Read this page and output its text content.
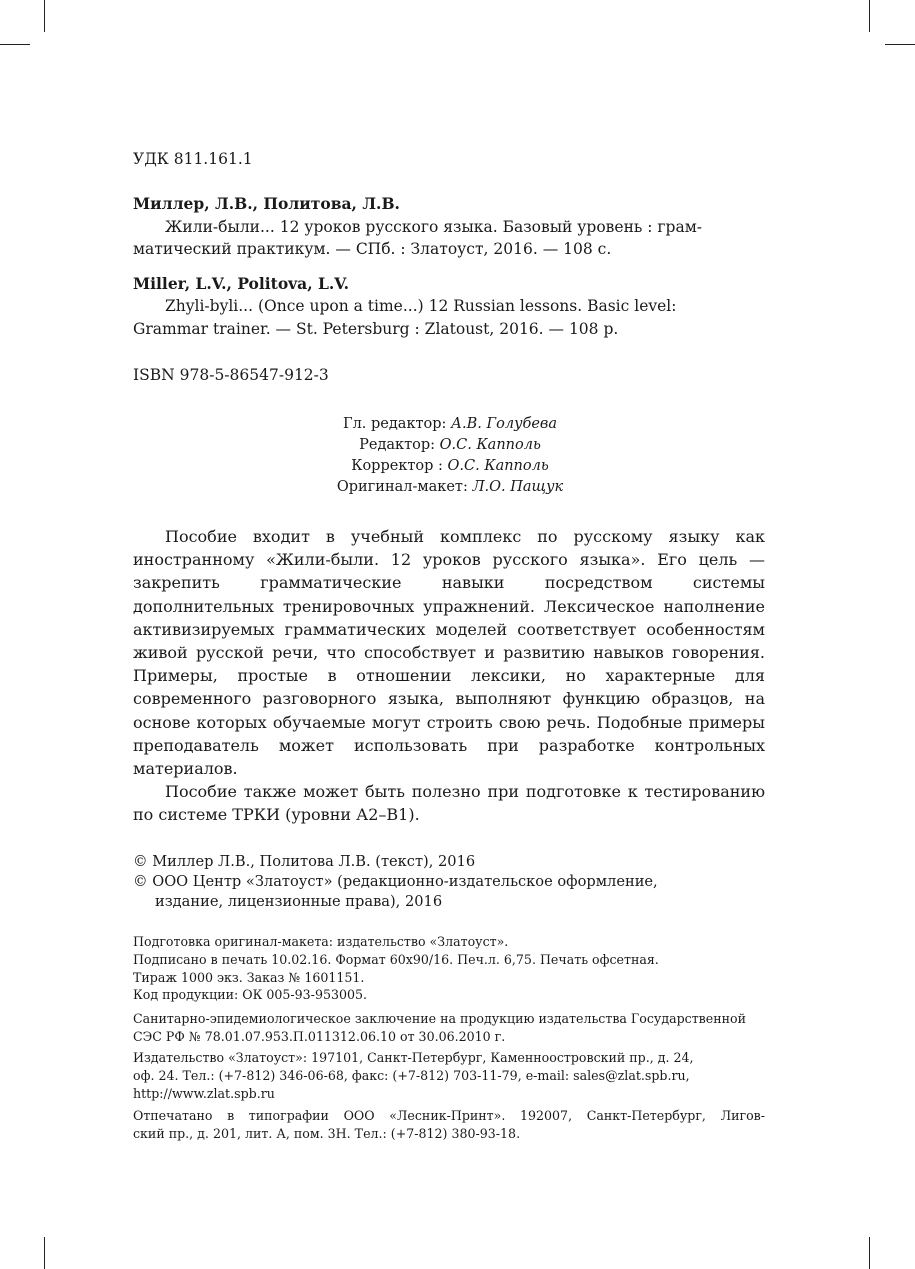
УДК 811.161.1
Миллер, Л.В., Политова, Л.В.
Жили-были... 12 уроков русского языка. Базовый уровень : грам-
матический практикум. — СПб. : Златоуст, 2016. — 108 с.
Miller, L.V., Politova, L.V.
Zhyli-byli... (Once upon a time...) 12 Russian lessons. Basic level:
Grammar trainer. — St. Petersburg : Zlatoust, 2016. — 108 p.
ISBN 978-5-86547-912-3
Гл. редактор: А.В. Голубева
Редактор: О.С. Капполь
Корректор : О.С. Капполь
Оригинал-макет: Л.О. Пащук

Пособие входит в учебный комплекс по русскому языку как иностранному «Жили-были. 12 уроков русского языка». Его цель — закрепить грамматические навыки посредством системы дополнительных тренировочных упражнений. Лексическое наполнение активизируемых грамматических моделей соответствует особенностям живой русской речи, что способствует и развитию навыков говорения. Примеры, простые в отношении лексики, но характерные для современного разговорного языка, выполняют функцию образцов, на основе которых обучаемые могут строить свою речь. Подобные примеры преподаватель может использовать при разработке контрольных материалов.

Пособие также может быть полезно при подготовке к тестированию по системе ТРКИ (уровни А2–В1).

© Миллер Л.В., Политова Л.В. (текст), 2016
© ООО Центр «Златоуст» (редакционно-издательское оформление,
издание, лицензионные права), 2016
Подготовка оригинал-макета: издательство «Златоуст».
Подписано в печать 10.02.16. Формат 60x90/16. Печ.л. 6,75. Печать офсетная.
Тираж 1000 экз. Заказ № 1601151.
Код продукции: ОК 005-93-953005.
Санитарно-эпидемиологическое заключение на продукцию издательства Государственной
СЭС РФ № 78.01.07.953.П.011312.06.10 от 30.06.2010 г.
Издательство «Златоуст»: 197101, Санкт-Петербург, Каменноостровский пр., д. 24,
оф. 24. Тел.: (+7-812) 346-06-68, факс: (+7-812) 703-11-79, e-mail: sales@zlat.spb.ru,
http://www.zlat.spb.ru
Отпечатано в типографии ООО «Лесник-Принт». 192007, Санкт-Петербург, Лигов-
ский пр., д. 201, лит. А, пом. 3Н. Тел.: (+7-812) 380-93-18.
